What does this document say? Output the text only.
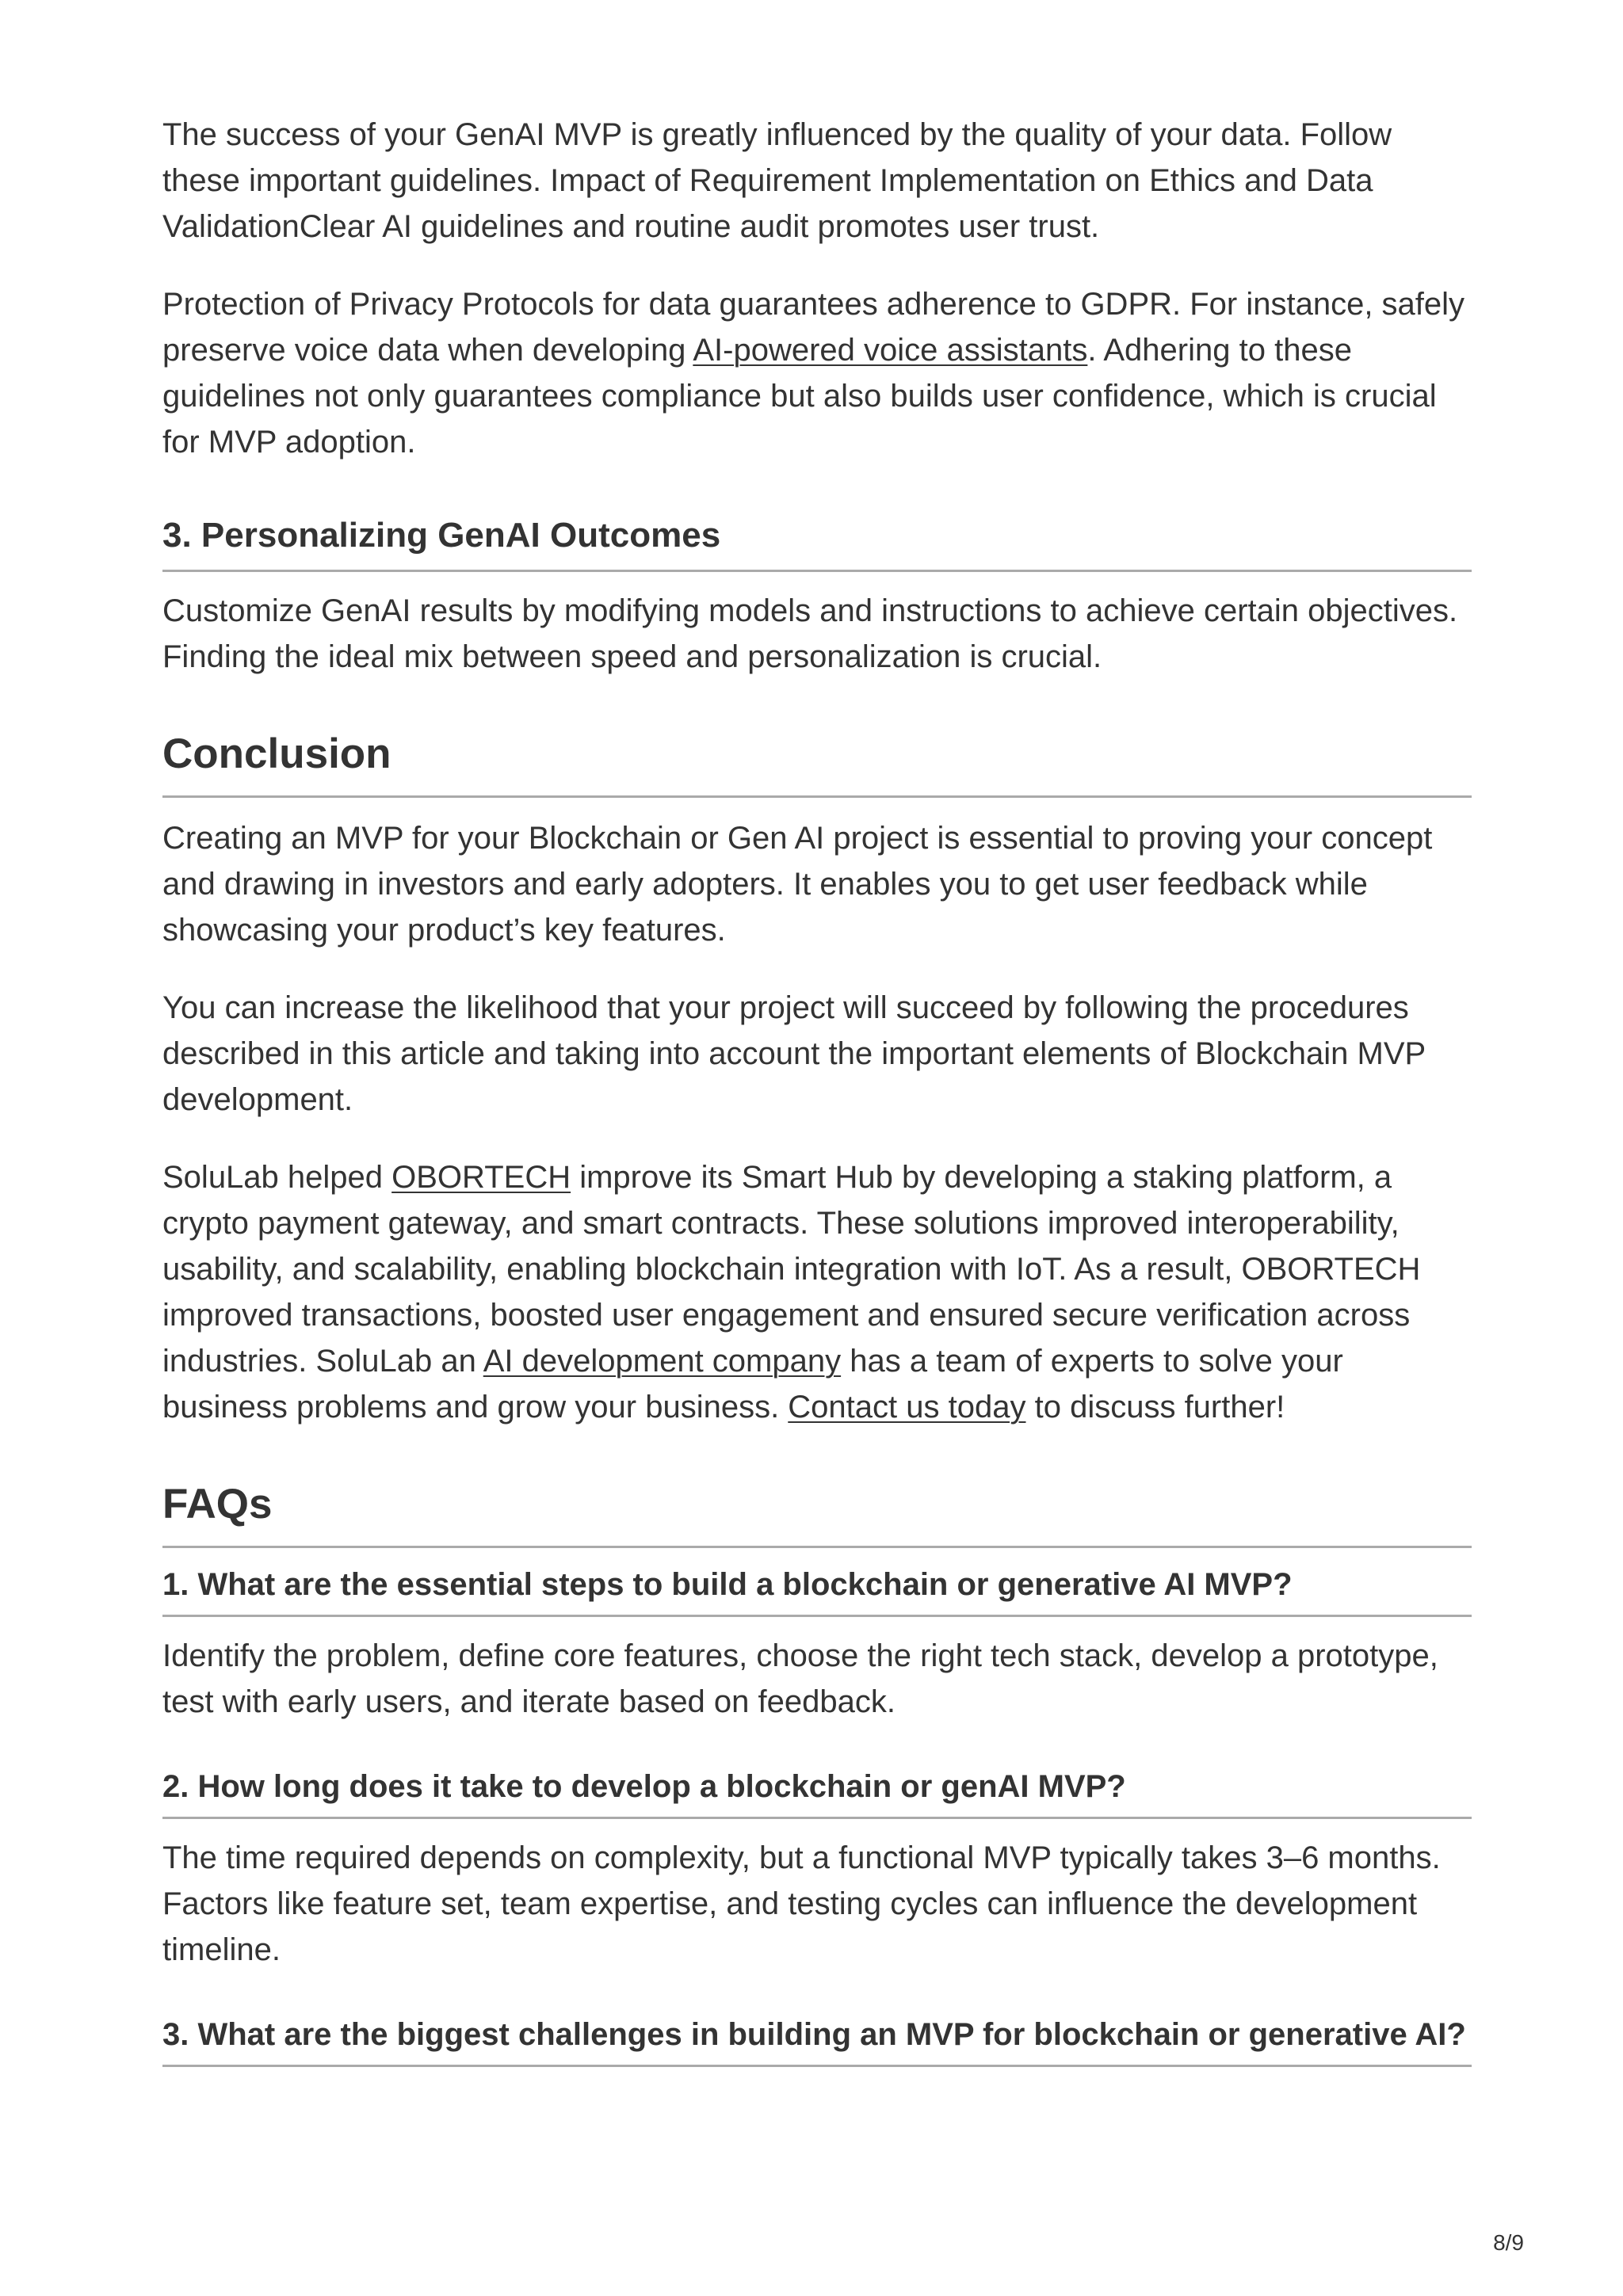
The success of your GenAI MVP is greatly influenced by the quality of your data. Follow these important guidelines. Impact of Requirement Implementation on Ethics and Data ValidationClear AI guidelines and routine audit promotes user trust.

Protection of Privacy Protocols for data guarantees adherence to GDPR. For instance, safely preserve voice data when developing AI-powered voice assistants. Adhering to these guidelines not only guarantees compliance but also builds user confidence, which is crucial for MVP adoption.

3. Personalizing GenAI Outcomes

Customize GenAI results by modifying models and instructions to achieve certain objectives. Finding the ideal mix between speed and personalization is crucial.

Conclusion

Creating an MVP for your Blockchain or Gen AI project is essential to proving your concept and drawing in investors and early adopters. It enables you to get user feedback while showcasing your product’s key features.

You can increase the likelihood that your project will succeed by following the procedures described in this article and taking into account the important elements of Blockchain MVP development.

SoluLab helped OBORTECH improve its Smart Hub by developing a staking platform, a crypto payment gateway, and smart contracts. These solutions improved interoperability, usability, and scalability, enabling blockchain integration with IoT. As a result, OBORTECH improved transactions, boosted user engagement and ensured secure verification across industries. SoluLab an AI development company has a team of experts to solve your business problems and grow your business. Contact us today to discuss further!

FAQs
1. What are the essential steps to build a blockchain or generative AI MVP?

Identify the problem, define core features, choose the right tech stack, develop a prototype, test with early users, and iterate based on feedback.

2. How long does it take to develop a blockchain or genAI MVP?

The time required depends on complexity, but a functional MVP typically takes 3–6 months. Factors like feature set, team expertise, and testing cycles can influence the development timeline.

3. What are the biggest challenges in building an MVP for blockchain or generative AI?
8/9
